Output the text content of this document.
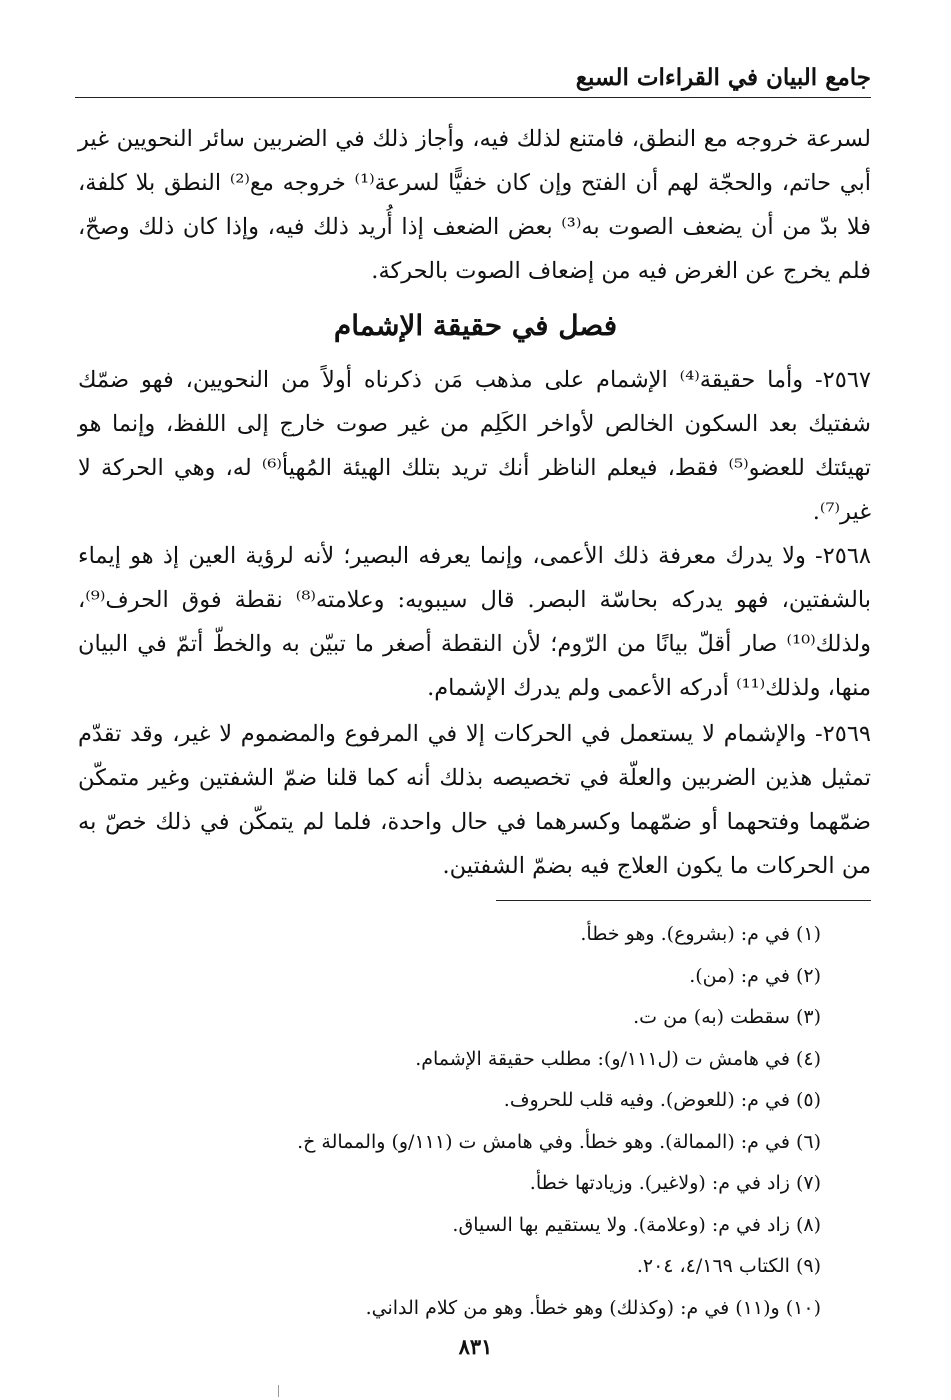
جامع البيان في القراءات السبع

لسرعة خروجه مع النطق، فامتنع لذلك فيه، وأجاز ذلك في الضربين سائر النحويين غير أبي حاتم، والحجّة لهم أن الفتح وإن كان خفيًّا لسرعة⁽¹⁾ خروجه مع⁽²⁾ النطق بلا كلفة، فلا بدّ من أن يضعف الصوت به⁽³⁾ بعض الضعف إذا أُريد ذلك فيه، وإذا كان ذلك وصحّ، فلم يخرج عن الغرض فيه من إضعاف الصوت بالحركة.

فصل في حقيقة الإشمام

٢٥٦٧- وأما حقيقة⁽⁴⁾ الإشمام على مذهب مَن ذكرناه أولاً من النحويين، فهو ضمّك شفتيك بعد السكون الخالص لأواخر الكَلِم من غير صوت خارج إلى اللفظ، وإنما هو تهيئتك للعضو⁽⁵⁾ فقط، فيعلم الناظر أنك تريد بتلك الهيئة المُهيأ⁽⁶⁾ له، وهي الحركة لا غير⁽⁷⁾.

٢٥٦٨- ولا يدرك معرفة ذلك الأعمى، وإنما يعرفه البصير؛ لأنه لرؤية العين إذ هو إيماء بالشفتين، فهو يدركه بحاسّة البصر. قال سيبويه: وعلامته⁽⁸⁾ نقطة فوق الحرف⁽⁹⁾، ولذلك⁽¹⁰⁾ صار أقلّ بيانًا من الرّوم؛ لأن النقطة أصغر ما تبيّن به والخطّ أتمّ في البيان منها، ولذلك⁽¹¹⁾ أدركه الأعمى ولم يدرك الإشمام.

٢٥٦٩- والإشمام لا يستعمل في الحركات إلا في المرفوع والمضموم لا غير، وقد تقدّم تمثيل هذين الضربين والعلّة في تخصيصه بذلك أنه كما قلنا ضمّ الشفتين وغير متمكّن ضمّهما وفتحهما أو ضمّهما وكسرهما في حال واحدة، فلما لم يتمكّن في ذلك خصّ به من الحركات ما يكون العلاج فيه بضمّ الشفتين.

(١) في م: (بشروع). وهو خطأ.
(٢) في م: (من).
(٣) سقطت (به) من ت.
(٤) في هامش ت (ل١١١/و): مطلب حقيقة الإشمام.
(٥) في م: (للعوض). وفيه قلب للحروف.
(٦) في م: (الممالة). وهو خطأ. وفي هامش ت (١١١/و) والممالة خ.
(٧) زاد في م: (ولاغير). وزيادتها خطأ.
(٨) زاد في م: (وعلامة). ولا يستقيم بها السياق.
(٩) الكتاب ٤/١٦٩، ٢٠٤.
(١٠) و(١١) في م: (وكذلك) وهو خطأ. وهو من كلام الداني.
٨٣١
